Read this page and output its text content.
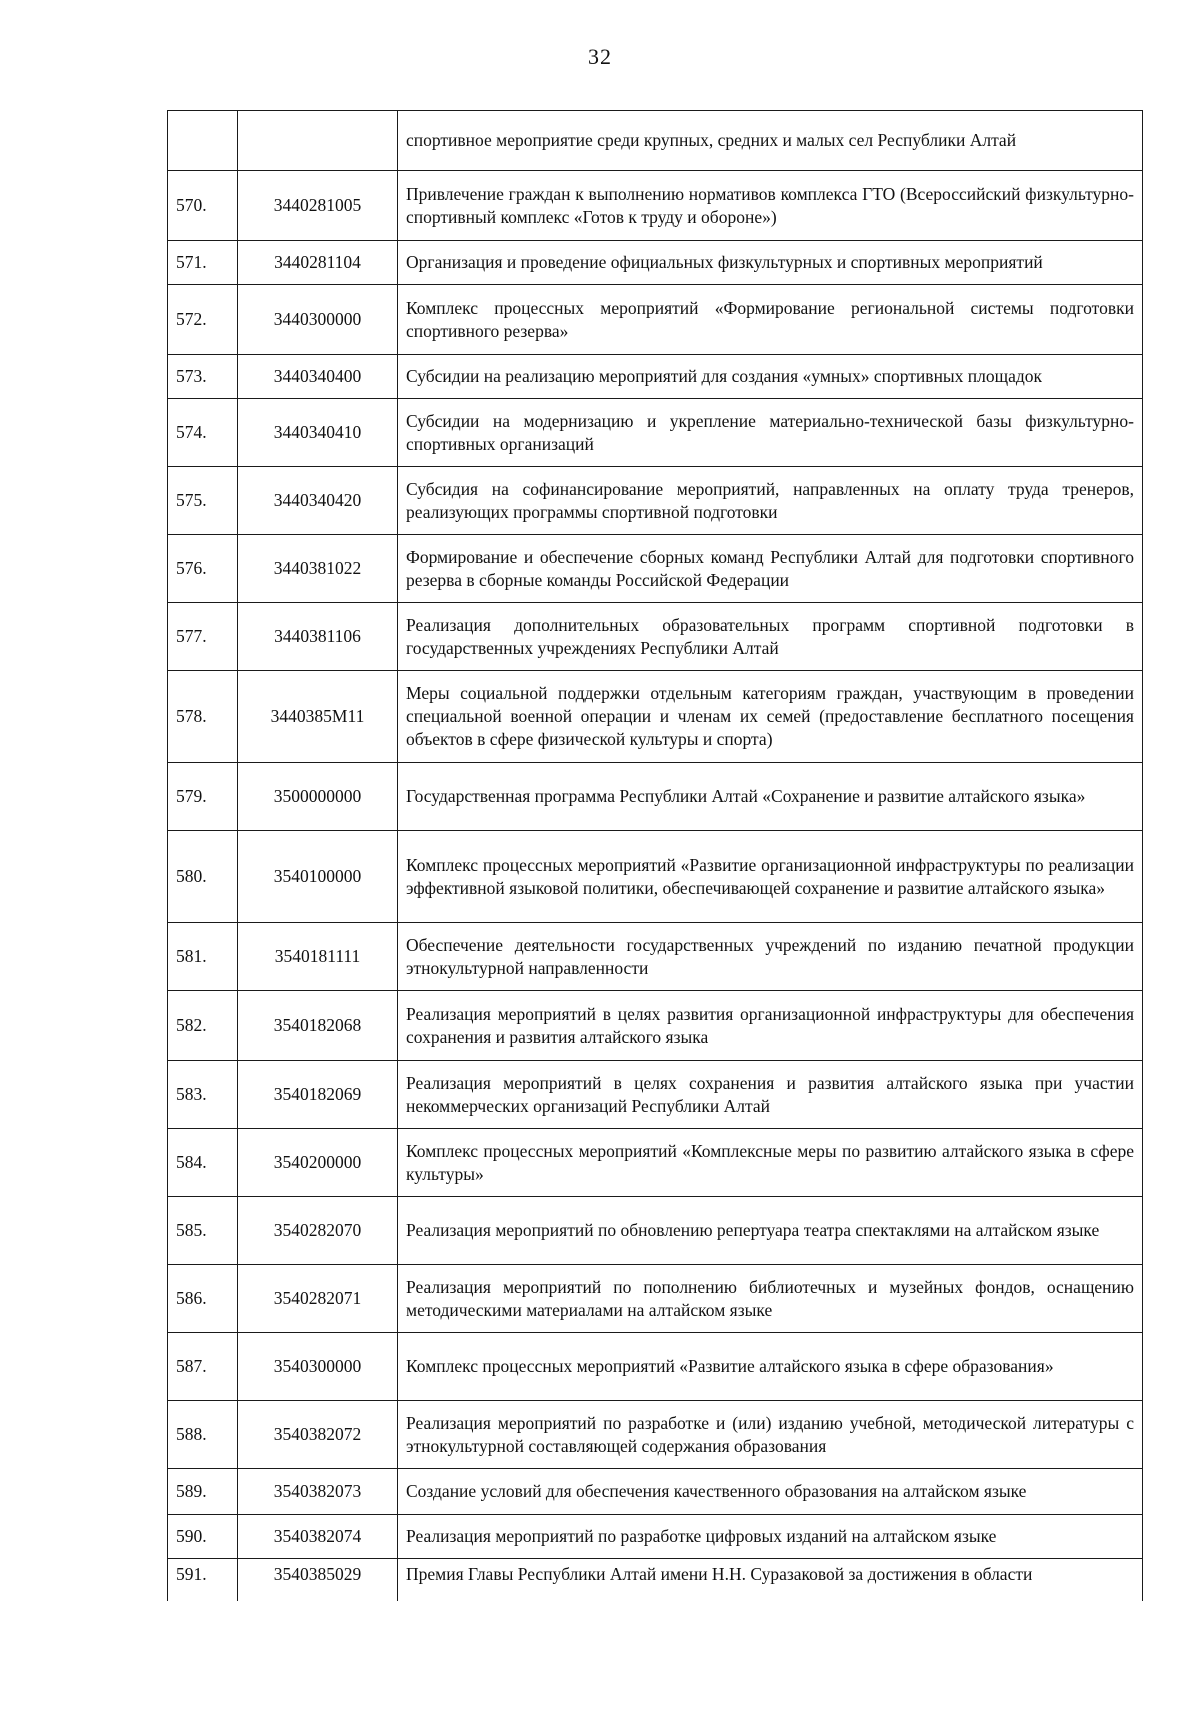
32
		спортивное мероприятие среди крупных, средних и малых сел Республики Алтай
570.	3440281005	Привлечение граждан к выполнению нормативов комплекса ГТО (Всероссийский физкультурно-спортивный комплекс «Готов к труду и обороне»)
571.	3440281104	Организация и проведение официальных физкультурных и спортивных мероприятий
572.	3440300000	Комплекс процессных мероприятий «Формирование региональной системы подготовки спортивного резерва»
573.	3440340400	Субсидии на реализацию мероприятий для создания «умных» спортивных площадок
574.	3440340410	Субсидии на модернизацию и укрепление материально-технической базы физкультурно-спортивных организаций
575.	3440340420	Субсидия на софинансирование мероприятий, направленных на оплату труда тренеров, реализующих программы спортивной подготовки
576.	3440381022	Формирование и обеспечение сборных команд Республики Алтай для подготовки спортивного резерва в сборные команды Российской Федерации
577.	3440381106	Реализация дополнительных образовательных программ спортивной подготовки в государственных учреждениях Республики Алтай
578.	3440385M11	Меры социальной поддержки отдельным категориям граждан, участвующим в проведении специальной военной операции и членам их семей (предоставление бесплатного посещения объектов в сфере физической культуры и спорта)
579.	3500000000	Государственная программа Республики Алтай «Сохранение и развитие алтайского языка»
580.	3540100000	Комплекс процессных мероприятий «Развитие организационной инфраструктуры по реализации эффективной языковой политики, обеспечивающей сохранение и развитие алтайского языка»
581.	3540181111	Обеспечение деятельности государственных учреждений по изданию печатной продукции этнокультурной направленности
582.	3540182068	Реализация мероприятий в целях развития организационной инфраструктуры для обеспечения сохранения и развития алтайского языка
583.	3540182069	Реализация мероприятий в целях сохранения и развития алтайского языка при участии некоммерческих организаций Республики Алтай
584.	3540200000	Комплекс процессных мероприятий «Комплексные меры по развитию алтайского языка в сфере культуры»
585.	3540282070	Реализация мероприятий по обновлению репертуара театра спектаклями на алтайском языке
586.	3540282071	Реализация мероприятий по пополнению библиотечных и музейных фондов, оснащению методическими материалами на алтайском языке
587.	3540300000	Комплекс процессных мероприятий «Развитие алтайского языка в сфере образования»
588.	3540382072	Реализация мероприятий по разработке и (или) изданию учебной, методической литературы с этнокультурной составляющей содержания образования
589.	3540382073	Создание условий для обеспечения качественного образования на алтайском языке
590.	3540382074	Реализация мероприятий по разработке цифровых изданий на алтайском языке
591.	3540385029	Премия Главы Республики Алтай имени Н.Н. Суразаковой за достижения в области
